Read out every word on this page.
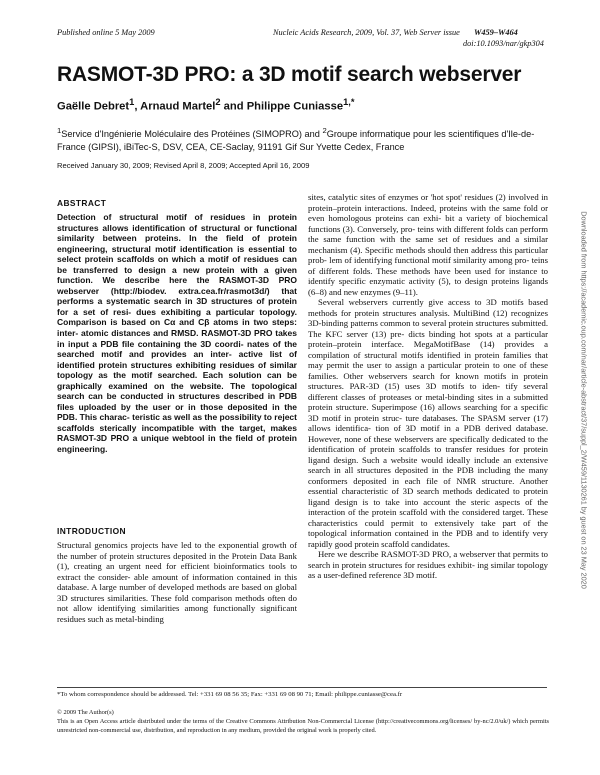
Published online 5 May 2009	Nucleic Acids Research, 2009, Vol. 37, Web Server issue W459–W464
doi:10.1093/nar/gkp304
RASMOT-3D PRO: a 3D motif search webserver
Gaëlle Debret$^1$, Arnaud Martel$^2$ and Philippe Cuniasse$^{1,*}$
$^1$Service d'Ingénierie Moléculaire des Protéines (SIMOPRO) and $^2$Groupe informatique pour les scientifiques d'Ile-de-France (GIPSI), iBiTec-S, DSV, CEA, CE-Saclay, 91191 Gif Sur Yvette Cedex, France
Received January 30, 2009; Revised April 8, 2009; Accepted April 16, 2009
ABSTRACT
Detection of structural motif of residues in protein structures allows identification of structural or functional similarity between proteins. In the field of protein engineering, structural motif identification is essential to select protein scaffolds on which a motif of residues can be transferred to design a new protein with a given function. We describe here the RASMOT-3D PRO webserver (http://biodev. extra.cea.fr/rasmot3d/) that performs a systematic search in 3D structures of protein for a set of resi- dues exhibiting a particular topology. Comparison is based on Cα and Cβ atoms in two steps: inter- atomic distances and RMSD. RASMOT-3D PRO takes in input a PDB file containing the 3D coordi- nates of the searched motif and provides an inter- active list of identified protein structures exhibiting residues of similar topology as the motif searched. Each solution can be graphically examined on the website. The topological search can be conducted in structures described in PDB files uploaded by the user or in those deposited in the PDB. This charac- teristic as well as the possibility to reject scaffolds sterically incompatible with the target, makes RASMOT-3D PRO a unique webtool in the field of protein engineering.
INTRODUCTION
Structural genomics projects have led to the exponential growth of the number of protein structures deposited in the Protein Data Bank (1), creating an urgent need for efficient bioinformatics tools to extract the consider- able amount of information contained in this database. A large number of developed methods are based on global 3D structures similarities. These fold comparison methods often do not allow identifying similarities among functionally significant residues such as metal-binding
sites, catalytic sites of enzymes or 'hot spot' residues (2) involved in protein–protein interactions. Indeed, proteins with the same fold or even homologous proteins can exhi- bit a variety of biochemical functions (3). Conversely, pro- teins with different folds can perform the same function with the same set of residues and a similar mechanism (4). Specific methods should then address this particular prob- lem of identifying functional motif similarity among pro- teins of different folds. These methods have been used for instance to identify specific enzymatic activity (5), to design proteins ligands (6–8) and new enzymes (9–11).
Several webservers currently give access to 3D motifs based methods for protein structures analysis. MultiBind (12) recognizes 3D-binding patterns common to several protein structures submitted. The KFC server (13) pre- dicts binding hot spots at a particular protein–protein interface. MegaMotifBase (14) provides a compilation of structural motifs identified in protein families that may permit the user to assign a particular protein to one of these families. Other webservers search for known motifs in protein structures. PAR-3D (15) uses 3D motifs to iden- tify several different classes of proteases or metal-binding sites in a submitted protein structure. Superimpose (16) allows searching for a specific 3D motif in protein struc- ture databases. The SPASM server (17) allows identifica- tion of 3D motif in a PDB derived database. However, none of these webservers are specifically dedicated to the identification of protein scaffolds to transfer residues for protein ligand design. Such a website would ideally include an extensive search in all structures deposited in the PDB including the many conformers deposited in each file of NMR structure. Another essential characteristic of 3D search methods dedicated to protein ligand design is to take into account the steric aspects of the interaction of the protein scaffold with the considered target. These characteristics could permit to extensively take part of the topological information contained in the PDB and to identify very rapidly good protein scaffold candidates.
Here we describe RASMOT-3D PRO, a webserver that permits to search in protein structures for residues exhibit- ing similar topology as a user-defined reference 3D motif.	Downloaded from https://academic.oup.com/nar/article-abstract/37/suppl_2/W459/1130261 by guest on 23 May 2020
*To whom correspondence should be addressed. Tel: +331 69 08 56 35; Fax: +331 69 08 90 71; Email: philippe.cuniasse@cea.fr
© 2009 The Author(s)
This is an Open Access article distributed under the terms of the Creative Commons Attribution Non-Commercial License (http://creativecommons.org/licenses/ by-nc/2.0/uk/) which permits unrestricted non-commercial use, distribution, and reproduction in any medium, provided the original work is properly cited.
